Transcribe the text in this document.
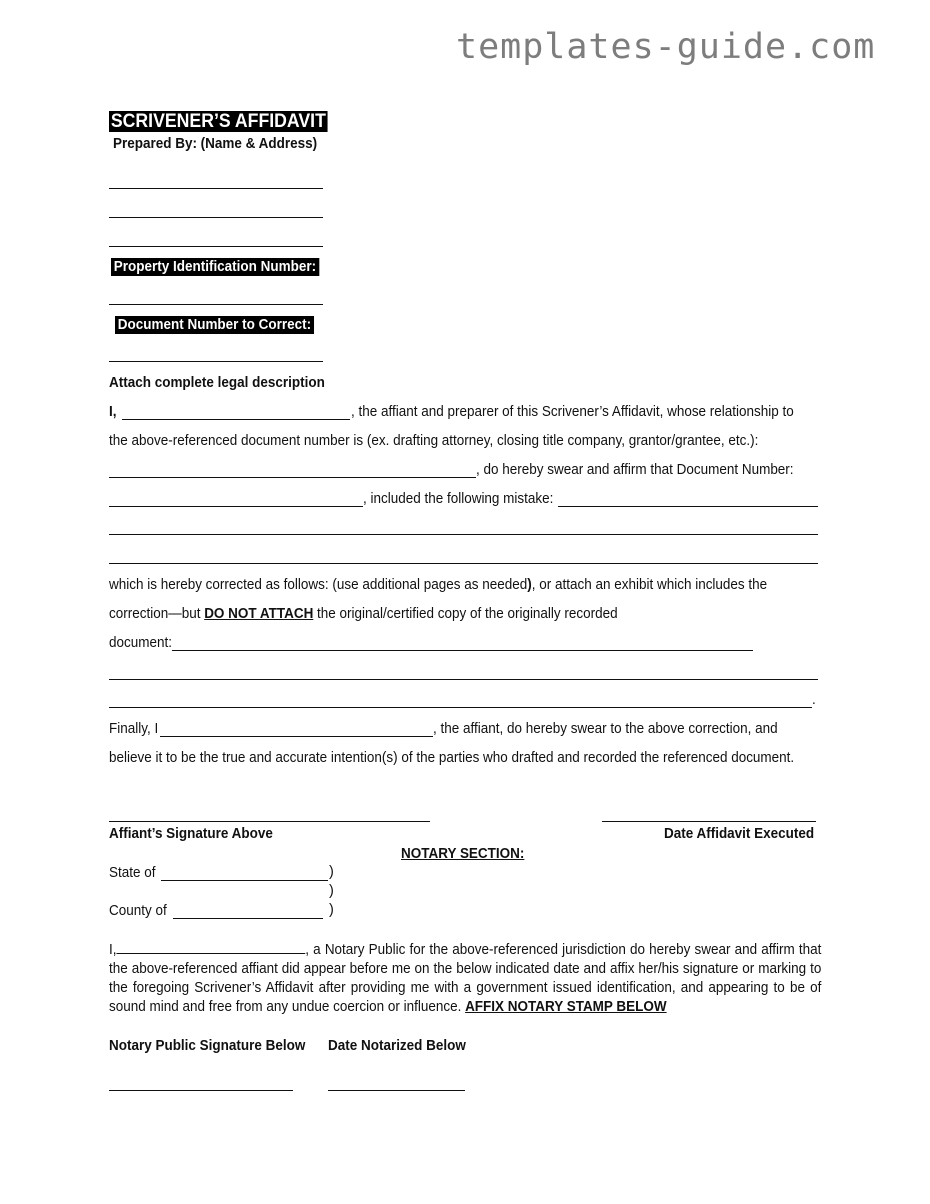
templates-guide.com
SCRIVENER’S AFFIDAVIT
Prepared By: (Name & Address)
Property Identification Number:
Document Number to Correct:
Attach complete legal description
I,	, the affiant and preparer of this Scrivener’s Affidavit, whose relationship to
the above-referenced document number is (ex. drafting attorney, closing title company, grantor/grantee, etc.):
, do hereby swear and affirm that Document Number:
, included the following mistake:
which is hereby corrected as follows: (use additional pages as needed), or attach an exhibit which includes the
correction—but DO NOT ATTACH the original/certified copy of the originally recorded
document:
.
Finally, I	, the affiant, do hereby swear to the above correction, and
believe it to be the true and accurate intention(s) of the parties who drafted and recorded the referenced document.
Affiant’s Signature Above	Date Affidavit Executed
NOTARY SECTION:
State of	)
)
County of	)
I,	, a Notary Public for the above-referenced jurisdiction do hereby swear and affirm that the above-referenced affiant did appear before me on the below indicated date and affix her/his signature or marking to the foregoing Scrivener’s Affidavit after providing me with a government issued identification, and appearing to be of sound mind and free from any undue coercion or influence. AFFIX NOTARY STAMP BELOW
Notary Public Signature Below Date Notarized Below
